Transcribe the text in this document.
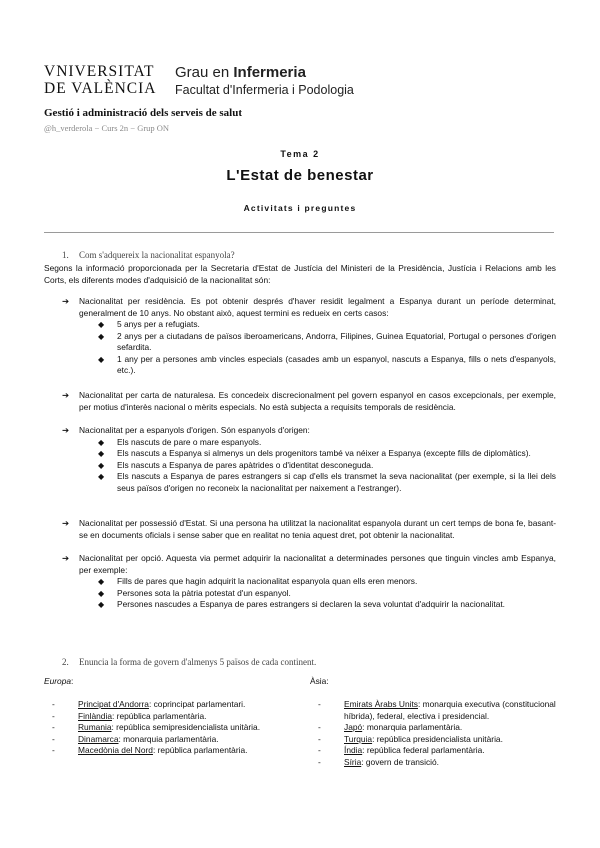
VNIVERSITAT
DE VALÈNCIA
Grau en Infermeria
Facultat d'Infermeria i Podologia
Gestió i administració dels serveis de salut
@h_verderola − Curs 2n − Grup ON
Tema 2
L'Estat de benestar
Activitats i preguntes
1. Com s'adquereix la nacionalitat espanyola?
Segons la informació proporcionada per la Secretaria d'Estat de Justícia del Ministeri de la Presidència, Justícia i Relacions amb les Corts, els diferents modes d'adquisició de la nacionalitat són:
➔	Nacionalitat per residència. Es pot obtenir després d'haver residit legalment a Espanya durant un període determinat, generalment de 10 anys. No obstant això, aquest termini es redueix en certs casos:
◆	5 anys per a refugiats.
◆	2 anys per a ciutadans de països iberoamericans, Andorra, Filipines, Guinea Equatorial, Portugal o persones d'origen sefardita.
◆	1 any per a persones amb vincles especials (casades amb un espanyol, nascuts a Espanya, fills o nets d'espanyols, etc.).
➔	Nacionalitat per carta de naturalesa. Es concedeix discrecionalment pel govern espanyol en casos excepcionals, per exemple, per motius d'interès nacional o mèrits especials. No està subjecta a requisits temporals de residència.
➔	Nacionalitat per a espanyols d'origen. Són espanyols d'origen:
◆	Els nascuts de pare o mare espanyols.
◆	Els nascuts a Espanya si almenys un dels progenitors també va néixer a Espanya (excepte fills de diplomàtics).
◆	Els nascuts a Espanya de pares apàtrides o d'identitat desconeguda.
◆	Els nascuts a Espanya de pares estrangers si cap d'ells els transmet la seva nacionalitat (per exemple, si la llei dels seus països d'origen no reconeix la nacionalitat per naixement a l'estranger).
➔	Nacionalitat per possessió d'Estat. Si una persona ha utilitzat la nacionalitat espanyola durant un cert temps de bona fe, basant-se en documents oficials i sense saber que en realitat no tenia aquest dret, pot obtenir la nacionalitat.
➔	Nacionalitat per opció. Aquesta via permet adquirir la nacionalitat a determinades persones que tinguin vincles amb Espanya, per exemple:
◆	Fills de pares que hagin adquirit la nacionalitat espanyola quan ells eren menors.
◆	Persones sota la pàtria potestat d'un espanyol.
◆	Persones nascudes a Espanya de pares estrangers si declaren la seva voluntat d'adquirir la nacionalitat.
2. Enuncia la forma de govern d'almenys 5 països de cada continent.
Europa:	Àsia:
-	Principat d'Andorra: coprincipat parlamentari.
-	Finlàndia: república parlamentària.
-	Rumania: república semipresidencialista unitària.
-	Dinamarca: monarquia parlamentària.
-	Macedònia del Nord: república parlamentària.
-	Emirats Àrabs Units: monarquia executiva (constitucional híbrida), federal, electiva i presidencial.
-	Japó: monarquia parlamentària.
-	Turquia: república presidencialista unitària.
-	Índia: república federal parlamentària.
-	Síria: govern de transició.
